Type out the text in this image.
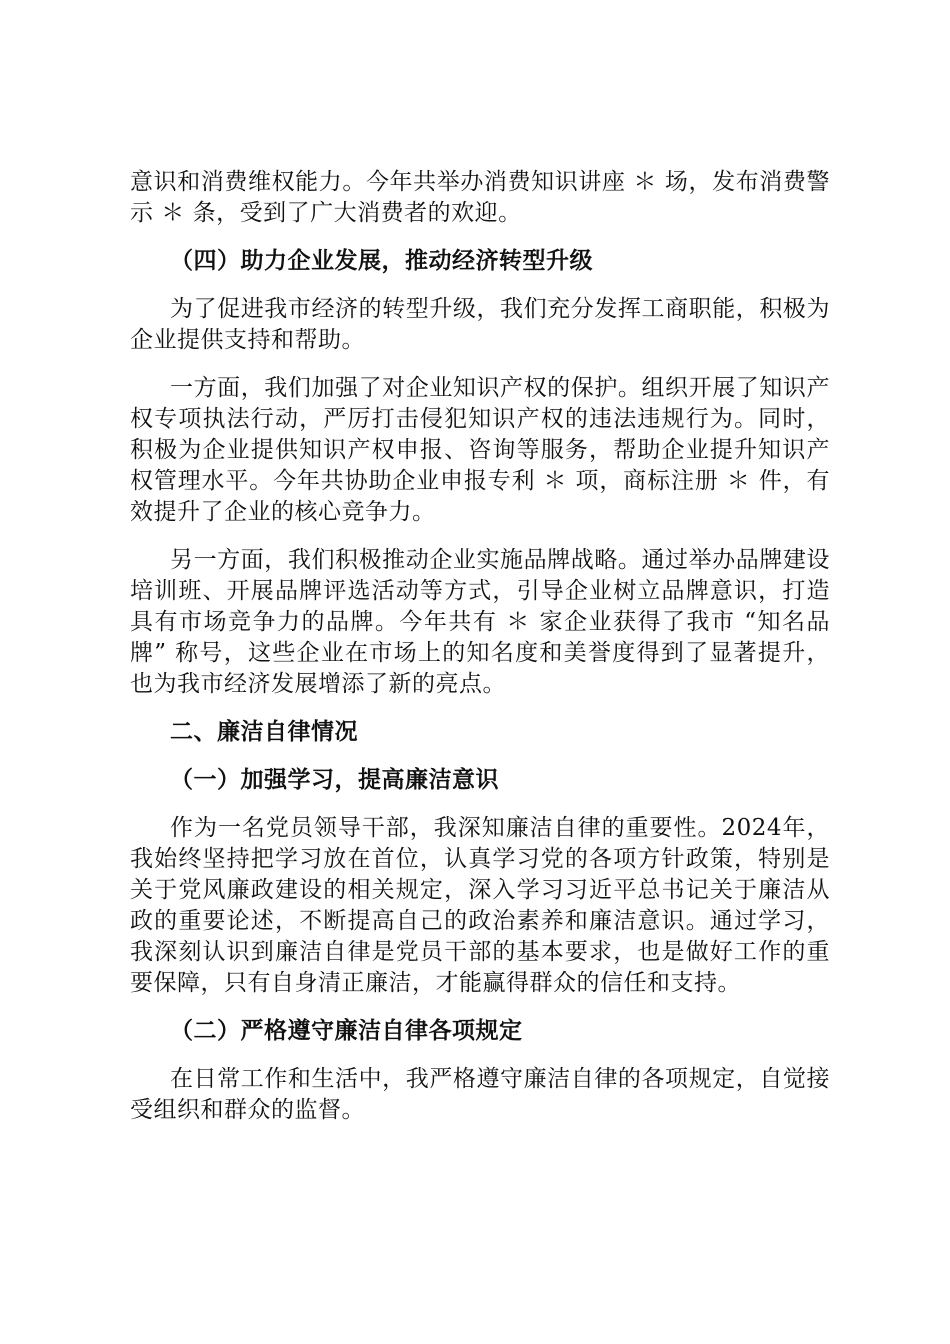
意识和消费维权能力。今年共举办消费知识讲座 ＊ 场，发布消费警示 ＊ 条，受到了广大消费者的欢迎。

（四）助力企业发展，推动经济转型升级

为了促进我市经济的转型升级，我们充分发挥工商职能，积极为企业提供支持和帮助。

一方面，我们加强了对企业知识产权的保护。组织开展了知识产权专项执法行动，严厉打击侵犯知识产权的违法违规行为。同时，积极为企业提供知识产权申报、咨询等服务，帮助企业提升知识产权管理水平。今年共协助企业申报专利 ＊ 项，商标注册 ＊ 件，有效提升了企业的核心竞争力。

另一方面，我们积极推动企业实施品牌战略。通过举办品牌建设培训班、开展品牌评选活动等方式，引导企业树立品牌意识，打造具有市场竞争力的品牌。今年共有 ＊ 家企业获得了我市 “知名品牌” 称号，这些企业在市场上的知名度和美誉度得到了显著提升，也为我市经济发展增添了新的亮点。

二、廉洁自律情况
（一）加强学习，提高廉洁意识

作为一名党员领导干部，我深知廉洁自律的重要性。2024年，我始终坚持把学习放在首位，认真学习党的各项方针政策，特别是关于党风廉政建设的相关规定，深入学习习近平总书记关于廉洁从政的重要论述，不断提高自己的政治素养和廉洁意识。通过学习，我深刻认识到廉洁自律是党员干部的基本要求，也是做好工作的重要保障，只有自身清正廉洁，才能赢得群众的信任和支持。

（二）严格遵守廉洁自律各项规定

在日常工作和生活中，我严格遵守廉洁自律的各项规定，自觉接受组织和群众的监督。
